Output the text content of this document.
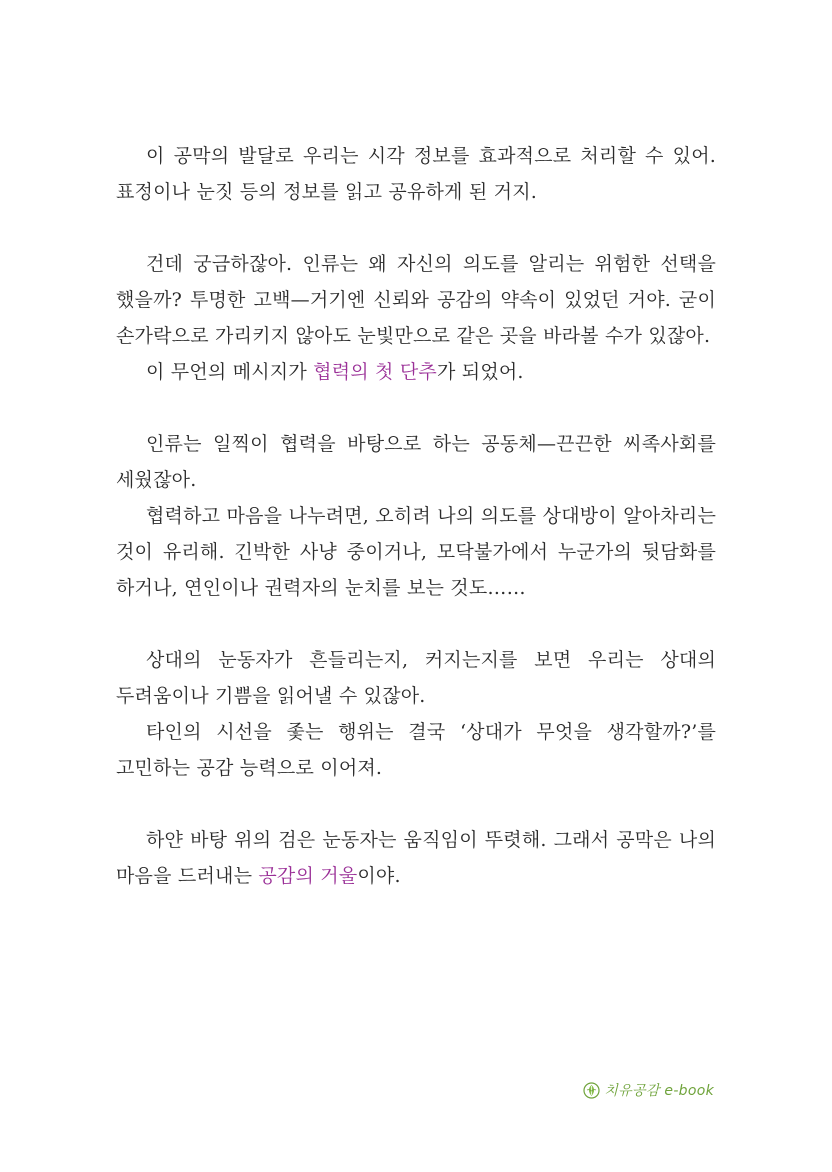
이 공막의 발달로 우리는 시각 정보를 효과적으로 처리할 수 있어. 표정이나 눈짓 등의 정보를 읽고 공유하게 된 거지.

건데 궁금하잖아. 인류는 왜 자신의 의도를 알리는 위험한 선택을 했을까? 투명한 고백—거기엔 신뢰와 공감의 약속이 있었던 거야. 굳이 손가락으로 가리키지 않아도 눈빛만으로 같은 곳을 바라볼 수가 있잖아.

이 무언의 메시지가 협력의 첫 단추가 되었어.

인류는 일찍이 협력을 바탕으로 하는 공동체—끈끈한 씨족사회를 세웠잖아.

협력하고 마음을 나누려면, 오히려 나의 의도를 상대방이 알아차리는 것이 유리해. 긴박한 사냥 중이거나, 모닥불가에서 누군가의 뒷담화를 하거나, 연인이나 권력자의 눈치를 보는 것도……

상대의 눈동자가 흔들리는지, 커지는지를 보면 우리는 상대의 두려움이나 기쁨을 읽어낼 수 있잖아.

타인의 시선을 좇는 행위는 결국 ‘상대가 무엇을 생각할까?’를 고민하는 공감 능력으로 이어져.

하얀 바탕 위의 검은 눈동자는 움직임이 뚜렷해. 그래서 공막은 나의 마음을 드러내는 공감의 거울이야.

치유공감 e-book
